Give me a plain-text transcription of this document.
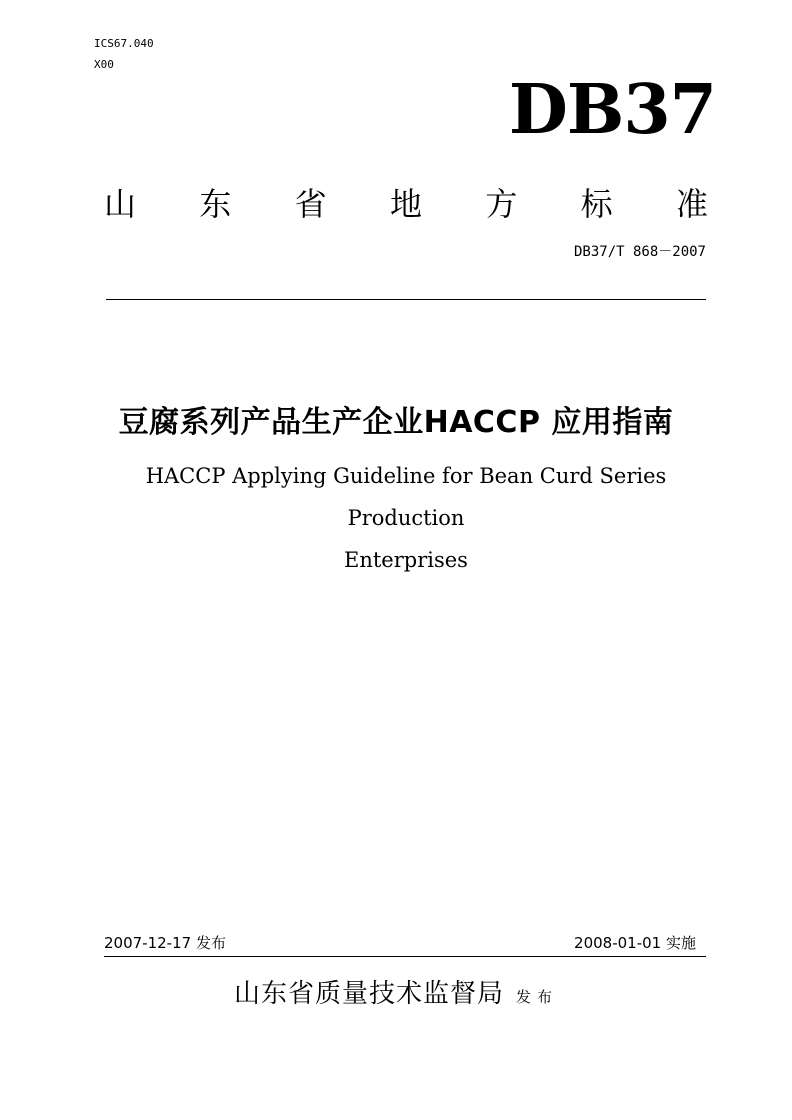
ICS67.040
X00
DB37
山 东 省 地 方 标 准
DB37/T 868－2007
豆腐系列产品生产企业HACCP 应用指南
HACCP Applying Guideline for Bean Curd Series Production
Enterprises
2007-12-17 发布	2008-01-01 实施
山东省质量技术监督局 发布
